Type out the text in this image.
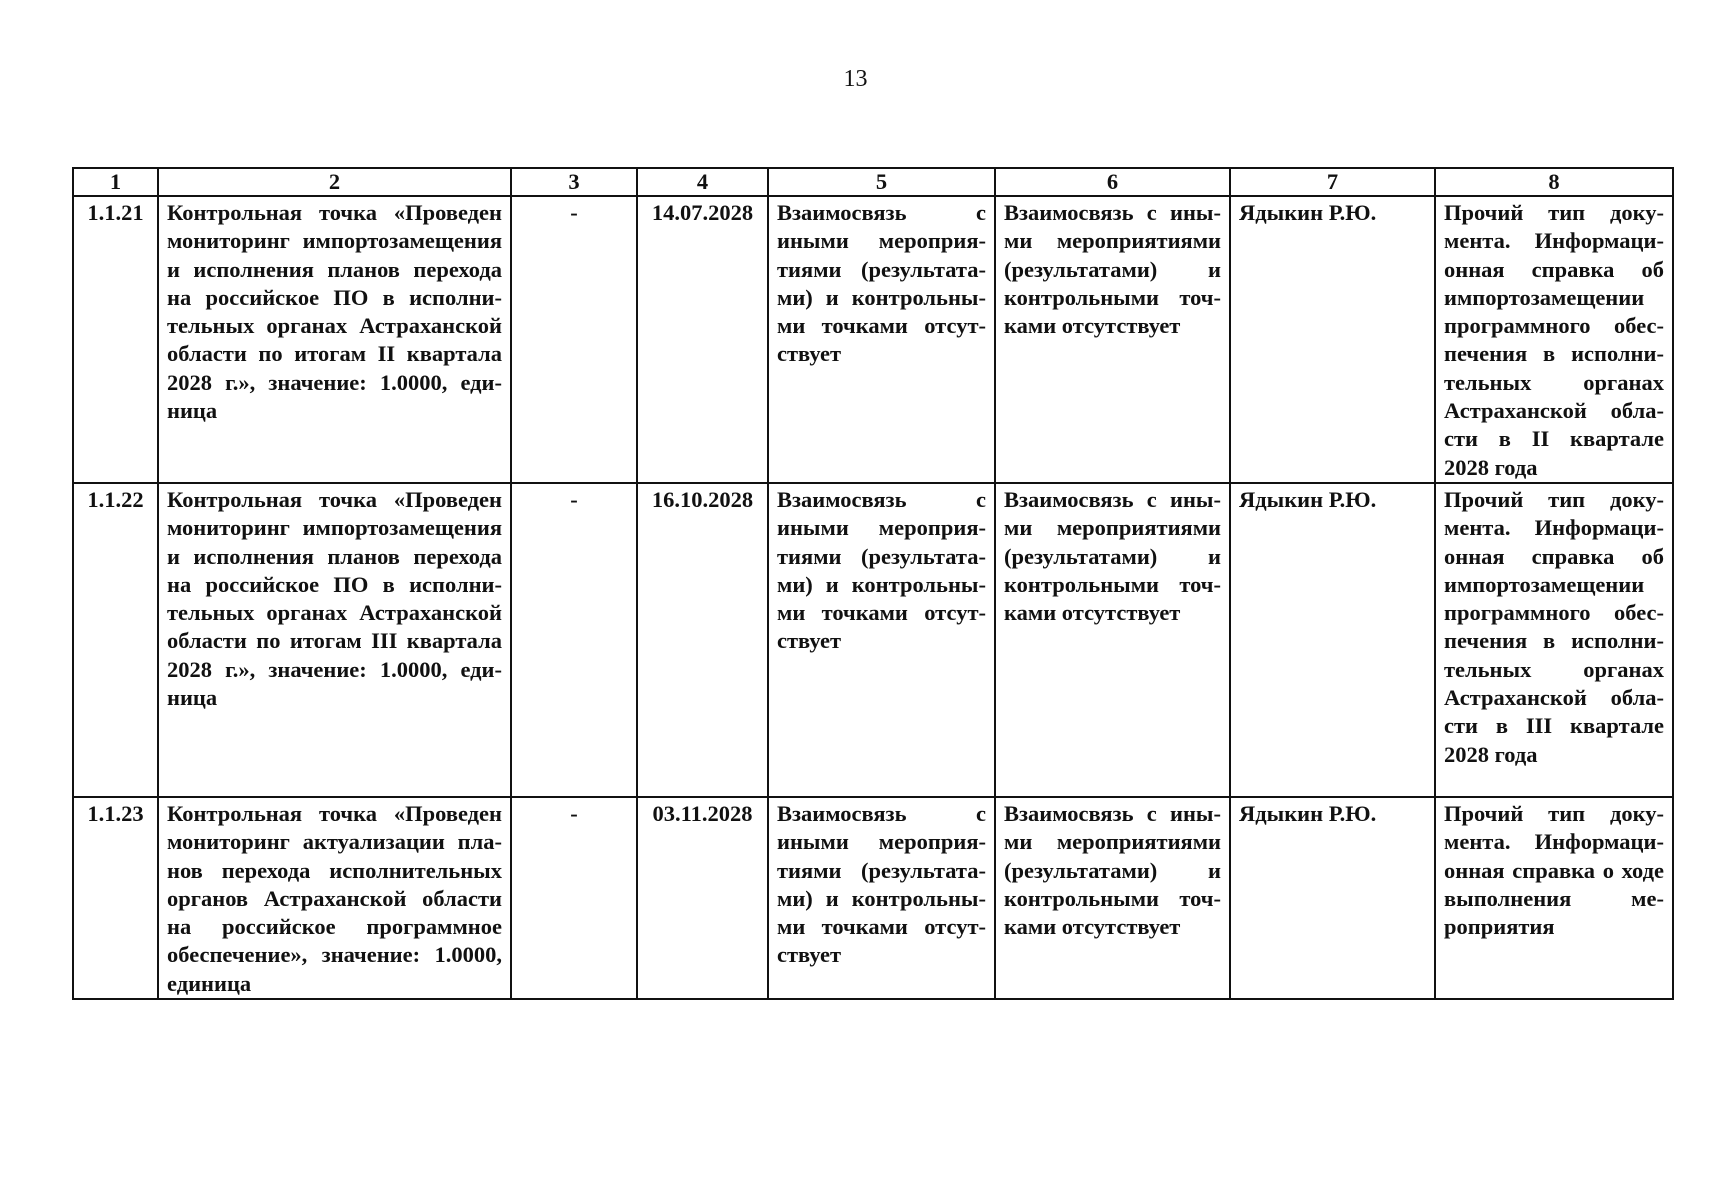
13
1	2	3	4	5	6	7	8
1.1.21	Контрольная точка «Проведен мониторинг импортозамещения и исполнения планов перехода на российское ПО в исполнительных органах Астраханской области по итогам II квартала 2028 г.», значение: 1.0000, единица	-	14.07.2028	Взаимосвязь с иными мероприятиями (результатами) и контрольными точками отсутствует	Взаимосвязь с иными мероприятиями (результатами) и контрольными точками отсутствует	Ядыкин Р.Ю.	Прочий тип документа. Информационная справка об импортозамещении программного обеспечения в исполнительных органах Астраханской области в II квартале 2028 года
1.1.22	Контрольная точка «Проведен мониторинг импортозамещения и исполнения планов перехода на российское ПО в исполнительных органах Астраханской области по итогам III квартала 2028 г.», значение: 1.0000, единица	-	16.10.2028	Взаимосвязь с иными мероприятиями (результатами) и контрольными точками отсутствует	Взаимосвязь с иными мероприятиями (результатами) и контрольными точками отсутствует	Ядыкин Р.Ю.	Прочий тип документа. Информационная справка об импортозамещении программного обеспечения в исполнительных органах Астраханской области в III квартале 2028 года
1.1.23	Контрольная точка «Проведен мониторинг актуализации планов перехода исполнительных органов Астраханской области на российское программное обеспечение», значение: 1.0000, единица	-	03.11.2028	Взаимосвязь с иными мероприятиями (результатами) и контрольными точками отсутствует	Взаимосвязь с иными мероприятиями (результатами) и контрольными точками отсутствует	Ядыкин Р.Ю.	Прочий тип документа. Информационная справка о ходе выполнения мероприятия
